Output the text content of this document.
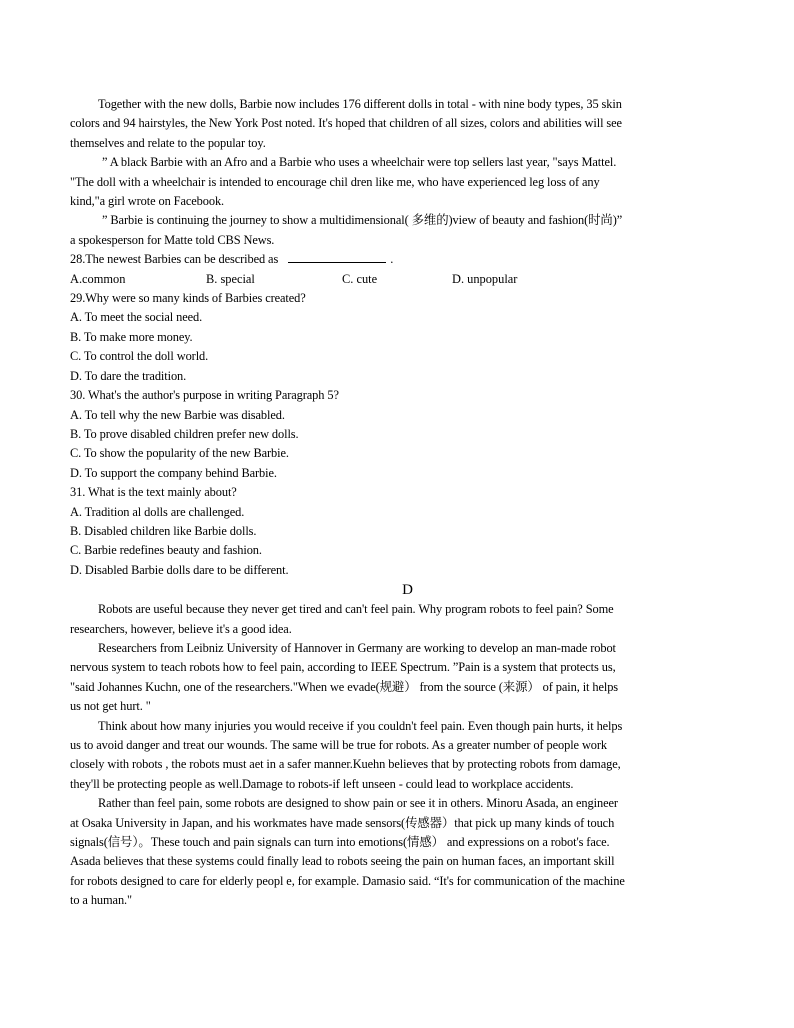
Together with the new dolls, Barbie now includes 176 different dolls in total - with nine body types, 35 skin
colors and 94 hairstyles, the New York Post noted. It's hoped that children of all sizes, colors and abilities will see
themselves and relate to the popular toy.
” A black Barbie with an Afro and a Barbie who uses a wheelchair were top sellers last year, "says Mattel.
"The doll with a wheelchair is intended to encourage chil dren like me, who have experienced leg loss of any
kind,"a girl wrote on Facebook.
” Barbie is continuing the journey to show a multidimensional( 多维的)view of beauty and fashion(时尚)”
a spokesperson for Matte told CBS News.
28.The newest Barbies can be described as	.
A.common	B. special	C. cute	D. unpopular
29.Why were so many kinds of Barbies created?
A. To meet the social need.
B. To make more money.
C. To control the doll world.
D. To dare the tradition.
30. What's the author's purpose in writing Paragraph 5?
A. To tell why the new Barbie was disabled.
B. To prove disabled children prefer new dolls.
C. To show the popularity of the new Barbie.
D. To support the company behind Barbie.
31. What is the text mainly about?
A. Tradition al dolls are challenged.
B. Disabled children like Barbie dolls.
C. Barbie redefines beauty and fashion.
D. Disabled Barbie dolls dare to be different.
D
Robots are useful because they never get tired and can't feel pain. Why program robots to feel pain? Some
researchers, however, believe it's a good idea.
Researchers from Leibniz University of Hannover in Germany are working to develop an man-made robot
nervous system to teach robots how to feel pain, according to IEEE Spectrum. ”Pain is a system that protects us,
"said Johannes Kuchn, one of the researchers."When we evade(规避） from the source (来源） of pain, it helps
us not get hurt. "
Think about how many injuries you would receive if you couldn't feel pain. Even though pain hurts, it helps
us to avoid danger and treat our wounds. The same will be true for robots. As a greater number of people work
closely with robots , the robots must aet in a safer manner.Kuehn believes that by protecting robots from damage,
they'll be protecting people as well.Damage to robots-if left unseen - could lead to workplace accidents.
Rather than feel pain, some robots are designed to show pain or see it in others. Minoru Asada, an engineer
at Osaka University in Japan, and his workmates have made sensors(传感器）that pick up many kinds of touch
signals(信号）。These touch and pain signals can turn into emotions(情感） and expressions on a robot's face.
Asada believes that these systems could finally lead to robots seeing the pain on human faces, an important skill
for robots designed to care for elderly peopl e, for example. Damasio said. “It's for communication of the machine
to a human."
